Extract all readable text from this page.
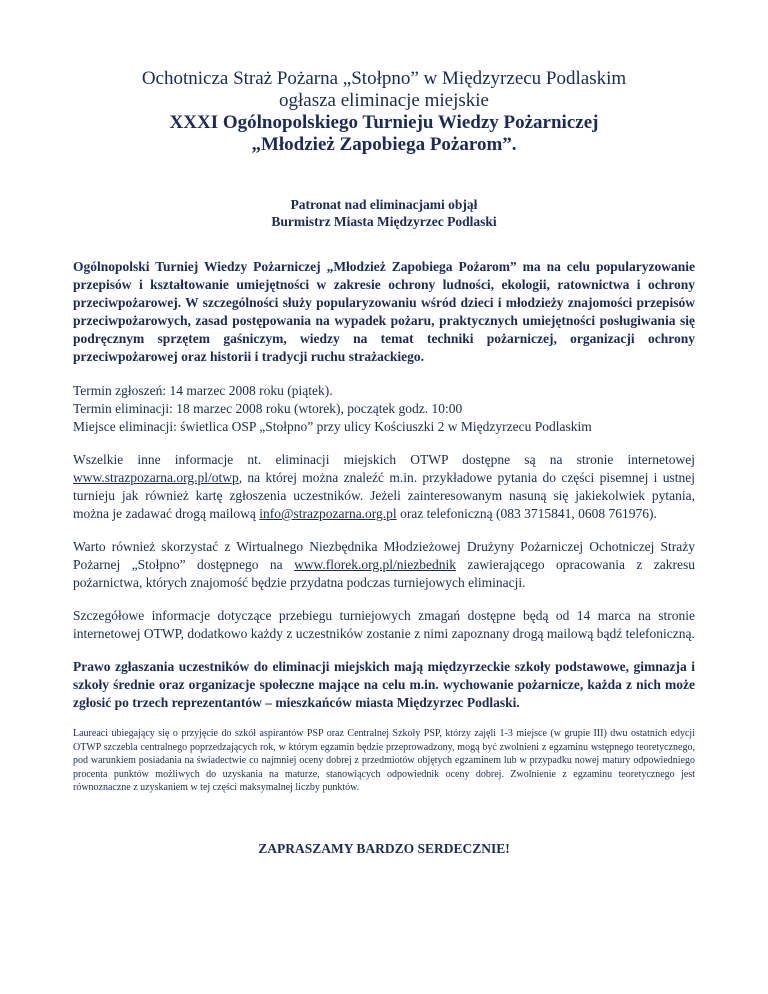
Ochotnicza Straż Pożarna „Stołpno” w Międzyrzecu Podlaskim
ogłasza eliminacje miejskie
XXXI Ogólnopolskiego Turnieju Wiedzy Pożarniczej
„Młodzież Zapobiega Pożarom”.
Patronat nad eliminacjami objął
Burmistrz Miasta Międzyrzec Podlaski

Ogólnopolski Turniej Wiedzy Pożarniczej „Młodzież Zapobiega Pożarom” ma na celu popularyzowanie przepisów i kształtowanie umiejętności w zakresie ochrony ludności, ekologii, ratownictwa i ochrony przeciwpożarowej. W szczególności służy popularyzowaniu wśród dzieci i młodzieży znajomości przepisów przeciwpożarowych, zasad postępowania na wypadek pożaru, praktycznych umiejętności posługiwania się podręcznym sprzętem gaśniczym, wiedzy na temat techniki pożarniczej, organizacji ochrony przeciwpożarowej oraz historii i tradycji ruchu strażackiego.

Termin zgłoszeń: 14 marzec 2008 roku (piątek).
Termin eliminacji: 18 marzec 2008 roku (wtorek), początek godz. 10:00
Miejsce eliminacji: świetlica OSP „Stołpno” przy ulicy Kościuszki 2 w Międzyrzecu Podlaskim

Wszelkie inne informacje nt. eliminacji miejskich OTWP dostępne są na stronie internetowej www.strazpozarna.org.pl/otwp, na której można znaleźć m.in. przykładowe pytania do części pisemnej i ustnej turnieju jak również kartę zgłoszenia uczestników. Jeżeli zainteresowanym nasuną się jakiekolwiek pytania, można je zadawać drogą mailową info@strazpozarna.org.pl oraz telefoniczną (083 3715841, 0608 761976).

Warto również skorzystać z Wirtualnego Niezbędnika Młodzieżowej Drużyny Pożarniczej Ochotniczej Straży Pożarnej „Stołpno” dostępnego na www.florek.org.pl/niezbednik zawierającego opracowania z zakresu pożarnictwa, których znajomość będzie przydatna podczas turniejowych eliminacji.

Szczegółowe informacje dotyczące przebiegu turniejowych zmagań dostępne będą od 14 marca na stronie internetowej OTWP, dodatkowo każdy z uczestników zostanie z nimi zapoznany drogą mailową bądź telefoniczną.

Prawo zgłaszania uczestników do eliminacji miejskich mają międzyrzeckie szkoły podstawowe, gimnazja i szkoły średnie oraz organizacje społeczne mające na celu m.in. wychowanie pożarnicze, każda z nich może zgłosić po trzech reprezentantów – mieszkańców miasta Międzyrzec Podlaski.

Laureaci ubiegający się o przyjęcie do szkół aspirantów PSP oraz Centralnej Szkoły PSP, którzy zajęli 1-3 miejsce (w grupie III) dwu ostatnich edycji OTWP szczebla centralnego poprzedzających rok, w którym egzamin będzie przeprowadzony, mogą być zwolnieni z egzaminu wstępnego teoretycznego, pod warunkiem posiadania na świadectwie co najmniej oceny dobrej z przedmiotów objętych egzaminem lub w przypadku nowej matury odpowiedniego procenta punktów możliwych do uzyskania na maturze, stanowiących odpowiednik oceny dobrej. Zwolnienie z egzaminu teoretycznego jest równoznaczne z uzyskaniem w tej części maksymalnej liczby punktów.

ZAPRASZAMY BARDZO SERDECZNIE!
